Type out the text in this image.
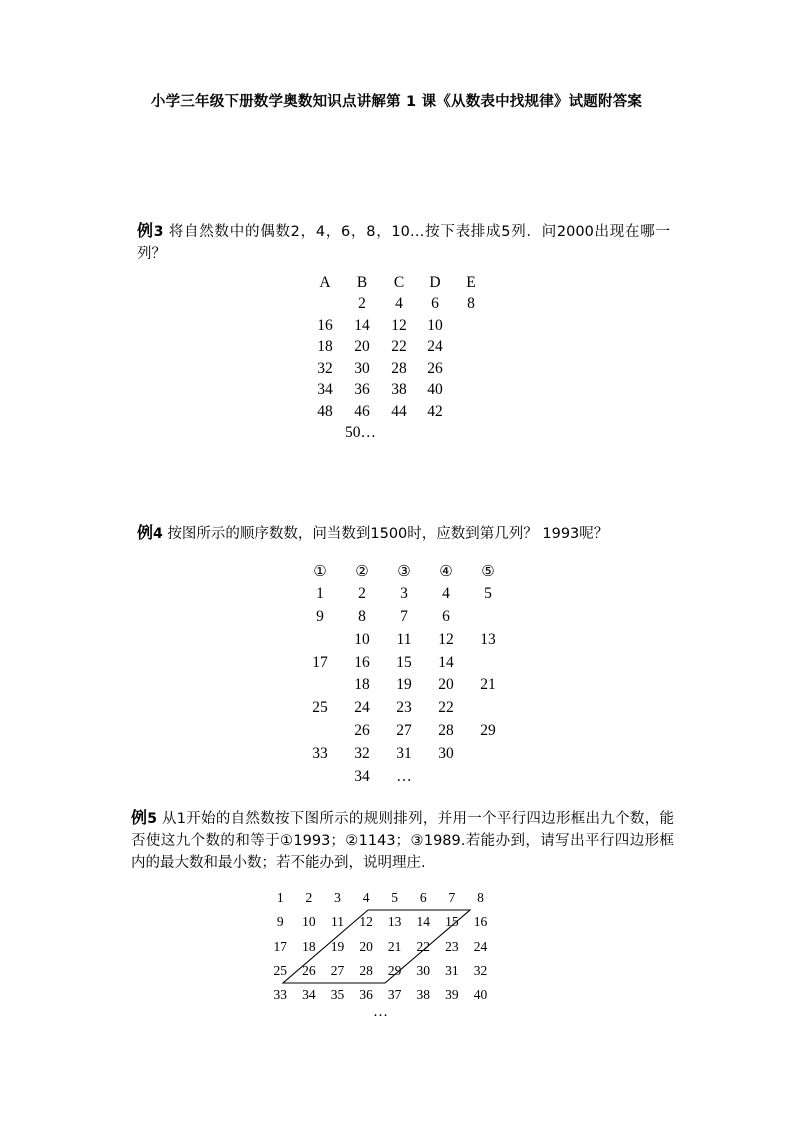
小学三年级下册数学奥数知识点讲解第 1 课《从数表中找规律》试题附答案
例3 将自然数中的偶数2，4，6，8，10…按下表排成5列．问2000出现在哪一列？
A	B	C	D	E
	2	4	6	8
16	14	12	10	
18	20	22	24	
32	30	28	26	
34	36	38	40	
48	46	44	42	
	50…			
例4 按图所示的顺序数数，问当数到1500时，应数到第几列？ 1993呢？
①	②	③	④	⑤
1	2	3	4	5
9	8	7	6	
	10	11	12	13
17	16	15	14	
	18	19	20	21
25	24	23	22	
	26	27	28	29
33	32	31	30	
	34	…		
例5 从1开始的自然数按下图所示的规则排列，并用一个平行四边形框出九个数，能否使这九个数的和等于①1993；②1143；③1989.若能办到，请写出平行四边形框内的最大数和最小数；若不能办到，说明理庄.
1	2	3	4	5	6	7	8
9	10	11	12	13	14	15	16
17	18	19	20	21	22	23	24
25	26	27	28	29	30	31	32
33	34	35	36	37	38	39	40
…
